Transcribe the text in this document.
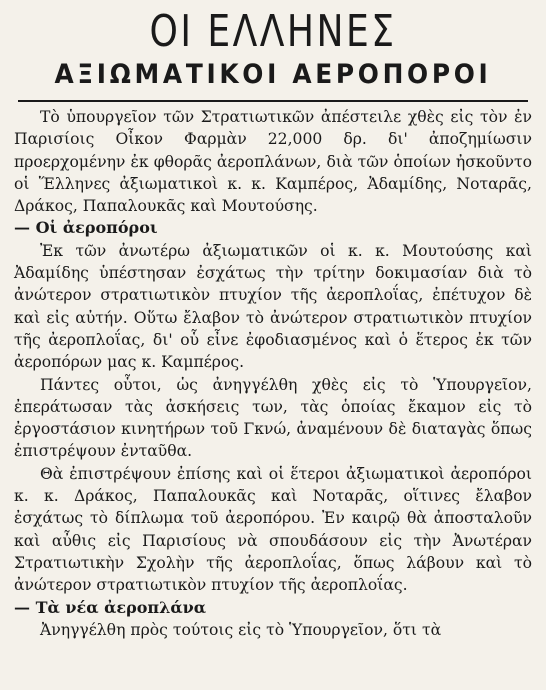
ΟΙ ΕΛΛΗΝΕΣ
ΑΞΙΩΜΑΤΙΚΟΙ ΑΕΡΟΠΟΡΟΙ

Τὸ ὑπουργεῖον τῶν Στρατιωτικῶν ἀπέστειλε χθὲς εἰς τὸν ἐν Παρισίοις Οἶκον Φαρμὰν 22,000 δρ. δι' ἀποζημίωσιν προερχομένην ἐκ φθορᾶς ἀεροπλάνων, διὰ τῶν ὁποίων ἠσκοῦντο οἱ Ἕλληνες ἀξιωματικοὶ κ. κ. Καμπέρος, Ἀδαμίδης, Νοταρᾶς, Δράκος, Παπαλουκᾶς καὶ Μουτούσης.

— Οἱ ἀεροπόροι

Ἐκ τῶν ἀνωτέρω ἀξιωματικῶν οἱ κ. κ. Μουτούσης καὶ Ἀδαμίδης ὑπέστησαν ἐσχάτως τὴν τρίτην δοκιμασίαν διὰ τὸ ἀνώτερον στρατιωτικὸν πτυχίον τῆς ἀεροπλοΐας, ἐπέτυχον δὲ καὶ εἰς αὐτήν. Οὕτω ἔλαβον τὸ ἀνώτερον στρατιωτικὸν πτυχίον τῆς ἀεροπλοΐας, δι' οὗ εἶνε ἐφοδιασμένος καὶ ὁ ἕτερος ἐκ τῶν ἀεροπόρων μας κ. Καμπέρος.

Πάντες οὗτοι, ὡς ἀνηγγέλθη χθὲς εἰς τὸ Ὑπουργεῖον, ἐπεράτωσαν τὰς ἀσκήσεις των, τὰς ὁποίας ἔκαμον εἰς τὸ ἐργοστάσιον κινητήρων τοῦ Γκνώ, ἀναμένουν δὲ διαταγὰς ὅπως ἐπιστρέψουν ἐνταῦθα.

Θὰ ἐπιστρέψουν ἐπίσης καὶ οἱ ἕτεροι ἀξιωματικοὶ ἀεροπόροι κ. κ. Δράκος, Παπαλουκᾶς καὶ Νοταρᾶς, οἵτινες ἔλαβον ἐσχάτως τὸ δίπλωμα τοῦ ἀεροπόρου. Ἐν καιρῷ θὰ ἀποσταλοῦν καὶ αὖθις εἰς Παρισίους νὰ σπουδάσουν εἰς τὴν Ἀνωτέραν Στρατιωτικὴν Σχολὴν τῆς ἀεροπλοΐας, ὅπως λάβουν καὶ τὸ ἀνώτερον στρατιωτικὸν πτυχίον τῆς ἀεροπλοΐας.

— Τὰ νέα ἀεροπλάνα

Ἀνηγγέλθη πρὸς τούτοις εἰς τὸ Ὑπουργεῖον, ὅτι τὰ
